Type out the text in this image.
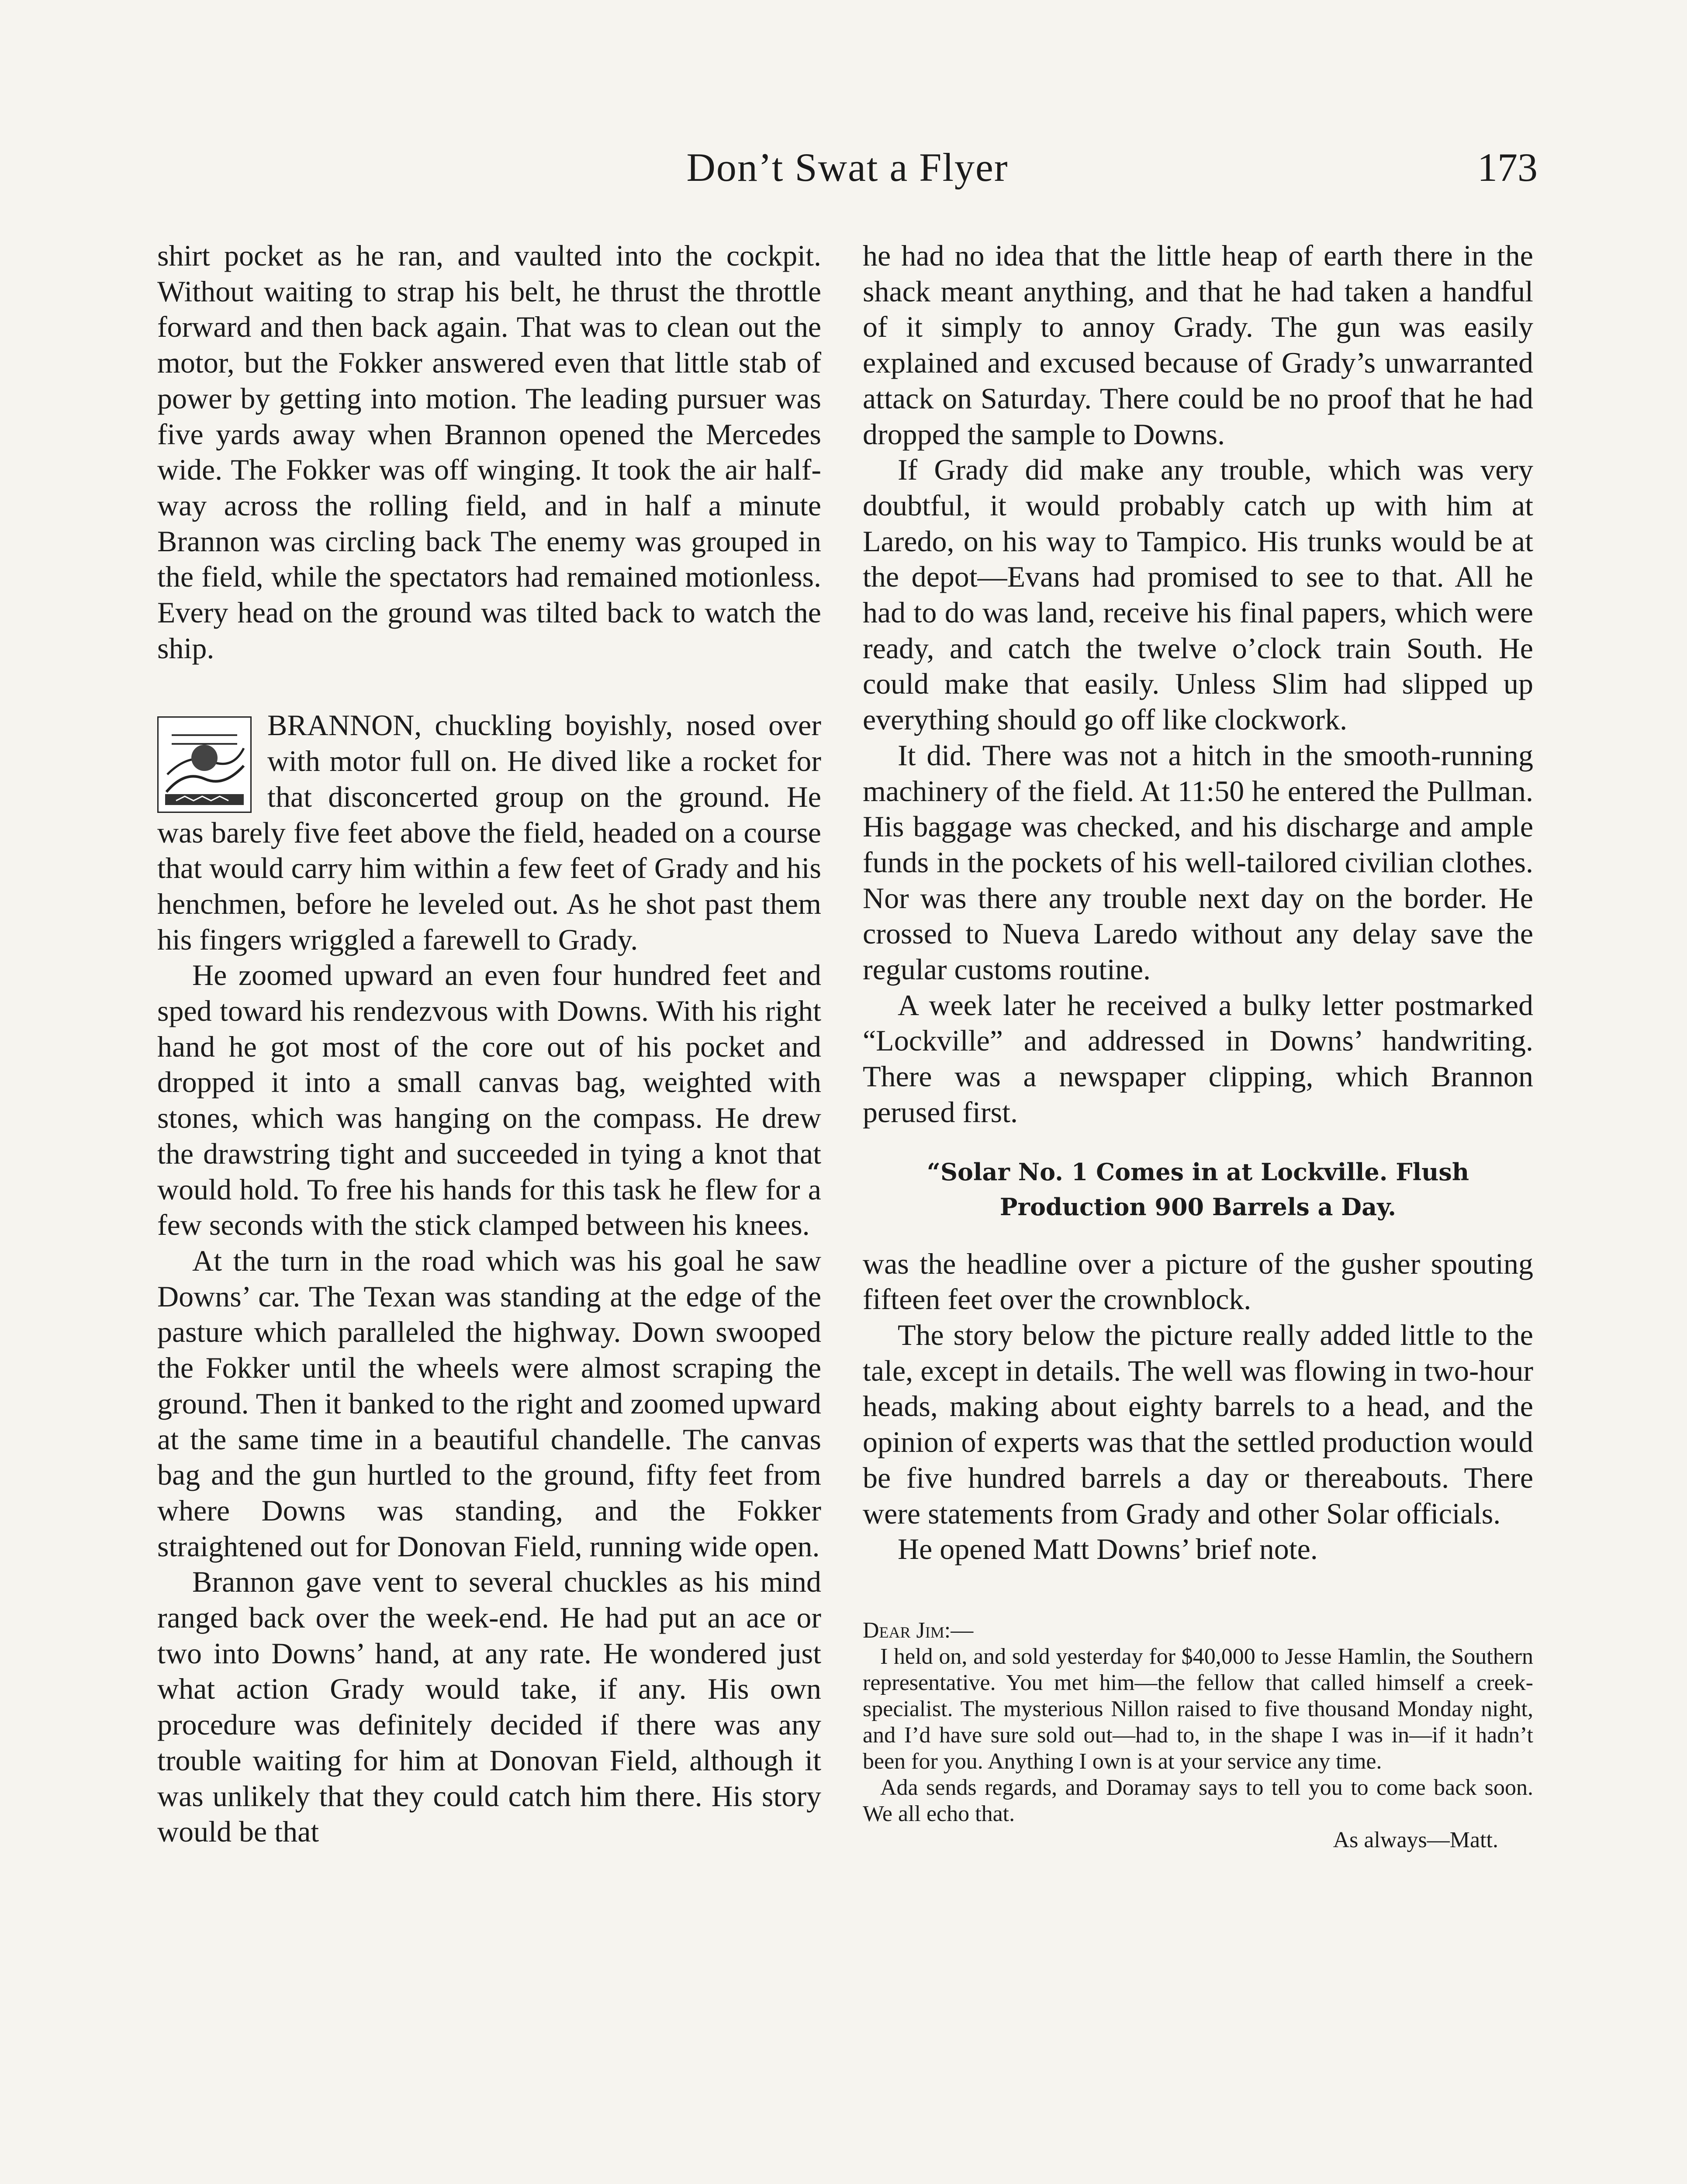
Don’t Swat a Flyer	173

shirt pocket as he ran, and vaulted into the cockpit. Without waiting to strap his belt, he thrust the throttle forward and then back again. That was to clean out the motor, but the Fokker answered even that little stab of power by getting into motion. The leading pursuer was five yards away when Brannon opened the Mercedes wide. The Fokker was off winging. It took the air half-way across the rolling field, and in half a minute Brannon was circling back The enemy was grouped in the field, while the spectators had remained motionless. Every head on the ground was tilted back to watch the ship.

BRANNON, chuckling boyishly, nosed over with motor full on. He dived like a rocket for that disconcerted group on the ground. He was barely five feet above the field, headed on a course that would carry him within a few feet of Grady and his henchmen, before he leveled out. As he shot past them his fingers wriggled a farewell to Grady.

He zoomed upward an even four hundred feet and sped toward his rendezvous with Downs. With his right hand he got most of the core out of his pocket and dropped it into a small canvas bag, weighted with stones, which was hanging on the compass. He drew the drawstring tight and succeeded in tying a knot that would hold. To free his hands for this task he flew for a few seconds with the stick clamped between his knees.

At the turn in the road which was his goal he saw Downs’ car. The Texan was standing at the edge of the pasture which paralleled the highway. Down swooped the Fokker until the wheels were almost scraping the ground. Then it banked to the right and zoomed upward at the same time in a beautiful chandelle. The canvas bag and the gun hurtled to the ground, fifty feet from where Downs was standing, and the Fokker straightened out for Donovan Field, running wide open.

Brannon gave vent to several chuckles as his mind ranged back over the week-end. He had put an ace or two into Downs’ hand, at any rate. He wondered just what action Grady would take, if any. His own procedure was definitely decided if there was any trouble waiting for him at Donovan Field, although it was unlikely that they could catch him there. His story would be that

he had no idea that the little heap of earth there in the shack meant anything, and that he had taken a handful of it simply to annoy Grady. The gun was easily explained and excused because of Grady’s unwarranted attack on Saturday. There could be no proof that he had dropped the sample to Downs.

If Grady did make any trouble, which was very doubtful, it would probably catch up with him at Laredo, on his way to Tampico. His trunks would be at the depot—Evans had promised to see to that. All he had to do was land, receive his final papers, which were ready, and catch the twelve o’clock train South. He could make that easily. Unless Slim had slipped up everything should go off like clockwork.

It did. There was not a hitch in the smooth-running machinery of the field. At 11:50 he entered the Pullman. His baggage was checked, and his discharge and ample funds in the pockets of his well-tailored civilian clothes. Nor was there any trouble next day on the border. He crossed to Nueva Laredo without any delay save the regular customs routine.

A week later he received a bulky letter postmarked “Lockville” and addressed in Downs’ handwriting. There was a newspaper clipping, which Brannon perused first.

“Solar No. 1 Comes in at Lockville. Flush
Production 900 Barrels a Day.

was the headline over a picture of the gusher spouting fifteen feet over the crownblock.

The story below the picture really added little to the tale, except in details. The well was flowing in two-hour heads, making about eighty barrels to a head, and the opinion of experts was that the settled production would be five hundred barrels a day or thereabouts. There were statements from Grady and other Solar officials.

He opened Matt Downs’ brief note.

Dear Jim:—

I held on, and sold yesterday for $40,000 to Jesse Hamlin, the Southern representative. You met him—the fellow that called himself a creek-specialist. The mysterious Nillon raised to five thousand Monday night, and I’d have sure sold out—had to, in the shape I was in—if it hadn’t been for you. Anything I own is at your service any time.

Ada sends regards, and Doramay says to tell you to come back soon. We all echo that.

As always—Matt.
